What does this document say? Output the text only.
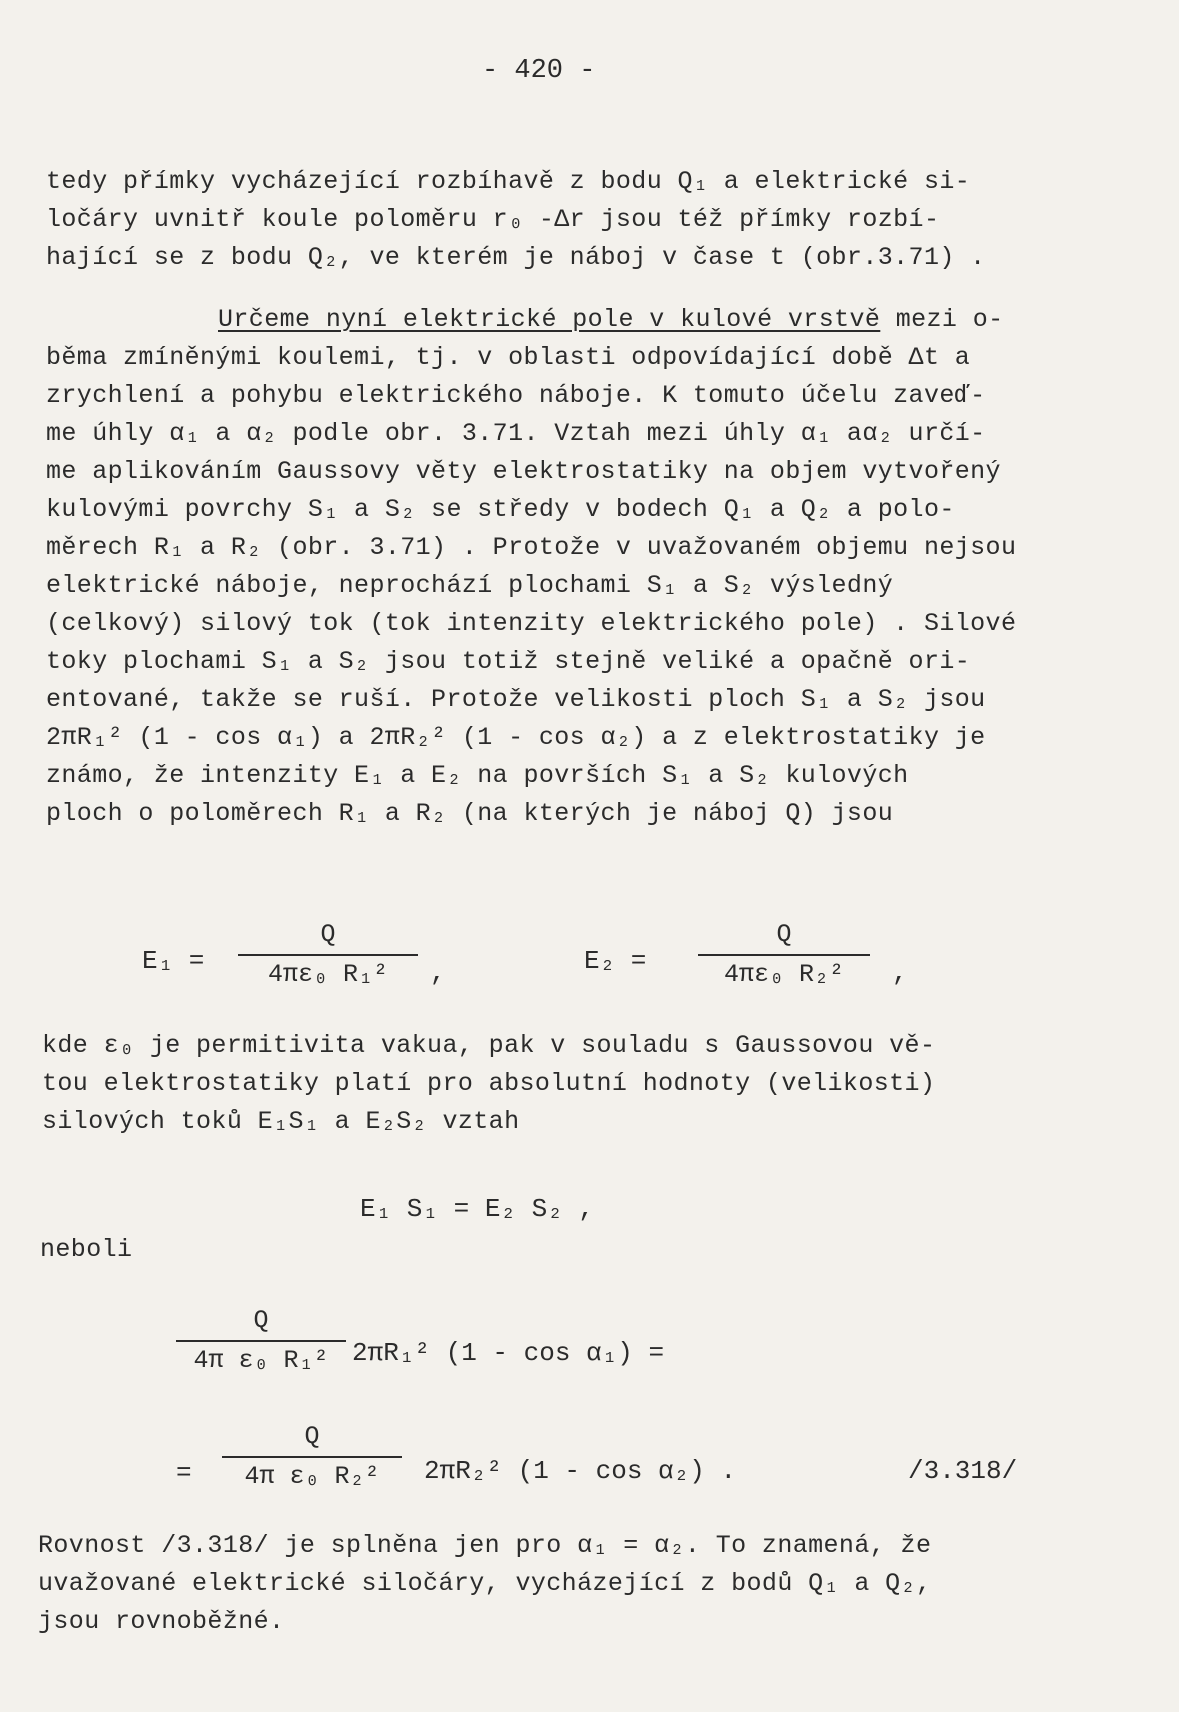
- 420 -
tedy přímky vycházející rozbíhavě z bodu Q₁ a elektrické si-
ločáry uvnitř koule poloměru r₀ -Δr jsou též přímky rozbí-
hající se z bodu Q₂, ve kterém je náboj v čase t (obr.3.71) .
Určeme nyní elektrické pole v kulové vrstvě mezi o-
běma zmíněnými koulemi, tj. v oblasti odpovídající době Δt a
zrychlení a pohybu elektrického náboje. K tomuto účelu zaveď-
me úhly α₁ a α₂ podle obr. 3.71. Vztah mezi úhly α₁ aα₂ určí-
me aplikováním Gaussovy věty elektrostatiky na objem vytvořený
kulovými povrchy S₁ a S₂ se středy v bodech Q₁ a Q₂ a polo-
měrech R₁ a R₂ (obr. 3.71) . Protože v uvažovaném objemu nejsou
elektrické náboje, neprochází plochami S₁ a S₂ výsledný
(celkový) silový tok (tok intenzity elektrického pole) . Silové
toky plochami S₁ a S₂ jsou totiž stejně veliké a opačně ori-
entované, takže se ruší. Protože velikosti ploch S₁ a S₂ jsou
2πR₁² (1 - cos α₁) a 2πR₂² (1 - cos α₂) a z elektrostatiky je
známo, že intenzity E₁ a E₂ na površích S₁ a S₂ kulových
ploch o poloměrech R₁ a R₂ (na kterých je náboj Q) jsou
E₁ =
Q
4πε₀ R₁²	,	E₂ =
Q
4πε₀ R₂²	,
kde ε₀ je permitivita vakua, pak v souladu s Gaussovou vě-
tou elektrostatiky platí pro absolutní hodnoty (velikosti)
silových toků E₁S₁ a E₂S₂ vztah
E₁ S₁ = E₂ S₂ ,
neboli
Q
4π ε₀ R₁² 2πR₁² (1 - cos α₁) =
=
Q
4π ε₀ R₂²	2πR₂² (1 - cos α₂) .	/3.318/
Rovnost /3.318/ je splněna jen pro α₁ = α₂. To znamená, že
uvažované elektrické siločáry, vycházející z bodů Q₁ a Q₂,
jsou rovnoběžné.
